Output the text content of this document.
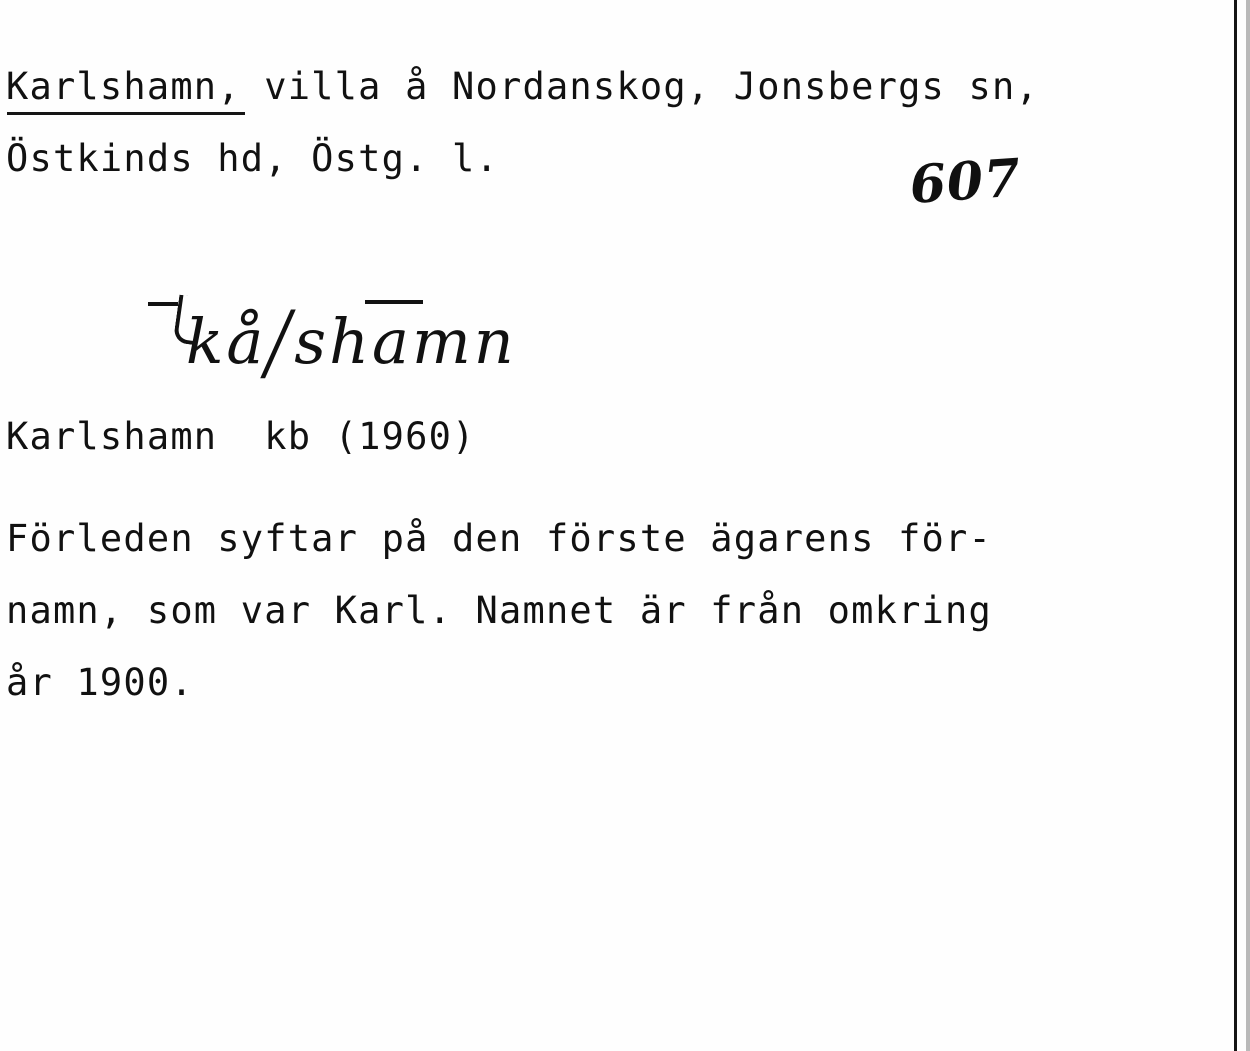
Karlshamn, villa å Nordanskog, Jonsbergs sn,
Östkinds hd, Östg. l.	607

kå/shamn

Karlshamn  kb (1960)
Förleden syftar på den förste ägarens för-
namn, som var Karl. Namnet är från omkring
år 1900.
